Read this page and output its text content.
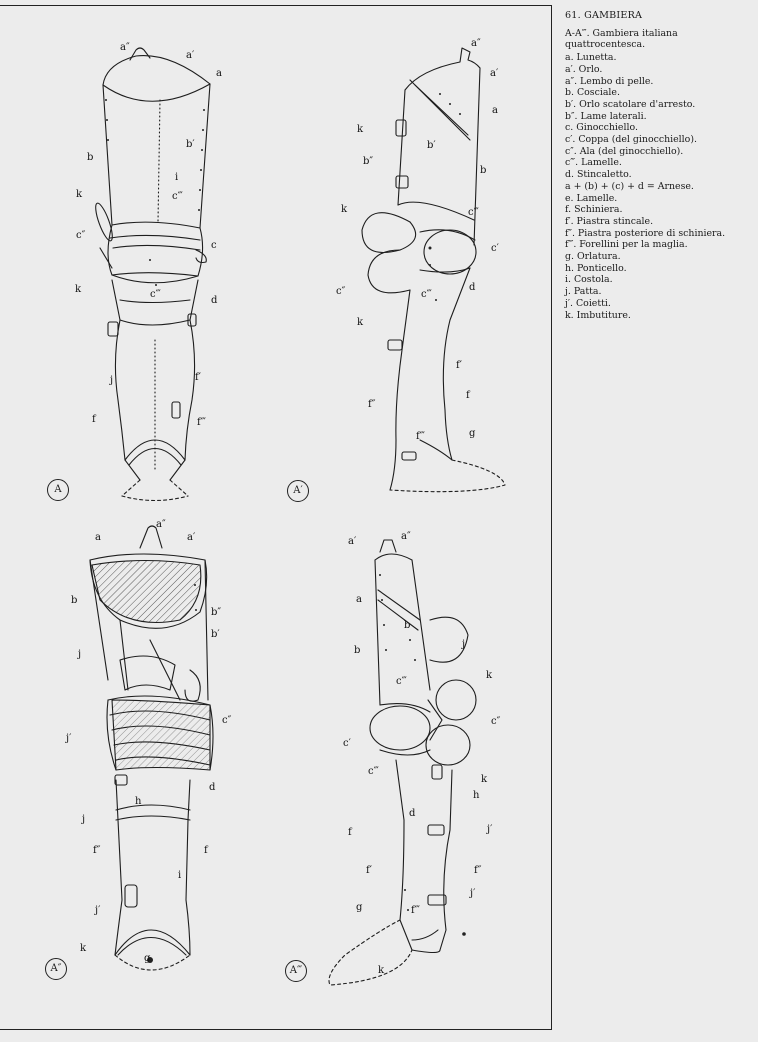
A	A′
A″	A‴
a″
a′
a
b′
b
i
k	c‴
c″
c
k	c‴
d
j	f′
f	f‴
a″
a′
a
k
b′
b″
b
k	c‴
c′
c″	c‴
d
k
f′
f″
f
f‴	g
a″
a	a′
b
b″
b′
j
c″
j′
h
d
j
f″	f
i
j′
k
g
a′	a″
a
b
j
k
b
c″
c‴
c′
c‴
k
h
d
j′
f
f′	f″
g	f‴
j′
k
61. GAMBIERA
A-A‴. Gambiera italiana quattrocentesca.
a. Lunetta.
a′. Orlo.
a″. Lembo di pelle.
b. Cosciale.
b′. Orlo scatolare d'arresto.
b″. Lame laterali.
c. Ginocchiello.
c′. Coppa (del ginocchiello).
c″. Ala (del ginocchiello).
c‴. Lamelle.
d. Stincaletto.
a + (b) + (c) + d = Arnese.
e. Lamelle.
f. Schiniera.
f′. Piastra stincale.
f″. Piastra posteriore di schiniera.
f‴. Forellini per la maglia.
g. Orlatura.
h. Ponticello.
i. Costola.
j. Patta.
j′. Coietti.
k. Imbutiture.
